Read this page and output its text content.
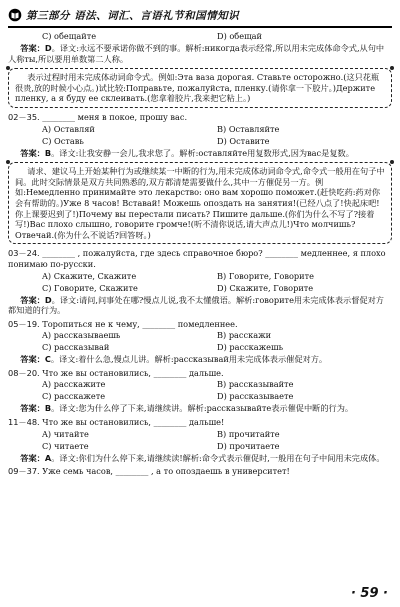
第三部分 语法、词汇、言语礼节和国情知识
C) обещайте	D) обещай
答案：D。译文:永远不要承诺你做不到的事。解析:никогда表示经常,所以用未完成体命令式,从句中人称ты,所以要用单数第二人称。
表示过程时用未完成体动词命令式。例如:Эта ваза дорогая. Ставьте осторожно.(这只花瓶很贵,放的时候小心点。)试比较:Поправьте, пожалуйста, пленку.(请你拿一下胶片。)Держите пленку, а я буду ее склеивать.(您拿着胶片,我来把它粘上。)
02－35. ________ меня в покое, прошу вас.
A) Оставляй	B) Оставляйте
C) Оставь	D) Оставите
答案：B。译文:让我安静一会儿,我求您了。解析:оставляйте用复数形式,因为вас是复数。
请求、建议马上开始某种行为或继续某一中断的行为,用未完成体动词命令式,命令式一般用在句子中间。此时交际情景是双方共同熟悉的,双方都清楚需要做什么,其中一方催促另一方。例如:Немедленно принимайте это лекарство: оно вам хорошо поможет.(赶快吃药:药对你会有帮助的。)Уже 8 часов! Вставай! Можешь опоздать на занятия!(已经八点了!快起床吧!你上课要迟到了!)Почему вы перестали писать? Пишите дальше.(你们为什么不写了?接着写!)Вас плохо слышно, говорите громче!(听不清你说话,请大声点儿!)Что молчишь? Отвечай.(你为什么不说话?回答呀。)
03－24. ________ , пожалуйста, где здесь справочное бюро? ________ медленнее, я плохо понимаю по-русски.
A) Скажите, Скажите	B) Говорите, Говорите
C) Говорите, Скажите	D) Скажите, Говорите
答案：D。译文:请问,问事处在哪?慢点儿说,我不太懂俄语。解析:говорите用未完成体表示督促对方都知道的行为。
05－19. Торопиться не к чему, ________ помедленнее.
A) рассказываешь	B) расскажи
C) рассказывай	D) расскажешь
答案：C。译文:着什么急,慢点儿讲。解析:рассказывай用未完成体表示催促对方。
08－20. Что же вы остановились, ________ дальше.
A) расскажите	B) рассказывайте
C) расскажете	D) рассказываете
答案：B。译文:您为什么停了下来,请继续讲。解析:рассказывайте表示催促中断的行为。
11－48. Что же вы остановились, ________ дальше!
A) читайте	B) прочитайте
C) читаете	D) прочитаете
答案：A。译文:你们为什么停下来,请继续读!解析:命令式表示催促时,一般用在句子中间用未完成体。
09－37. Уже семь часов, ________ , а то опоздаешь в университет!
· 59 ·
